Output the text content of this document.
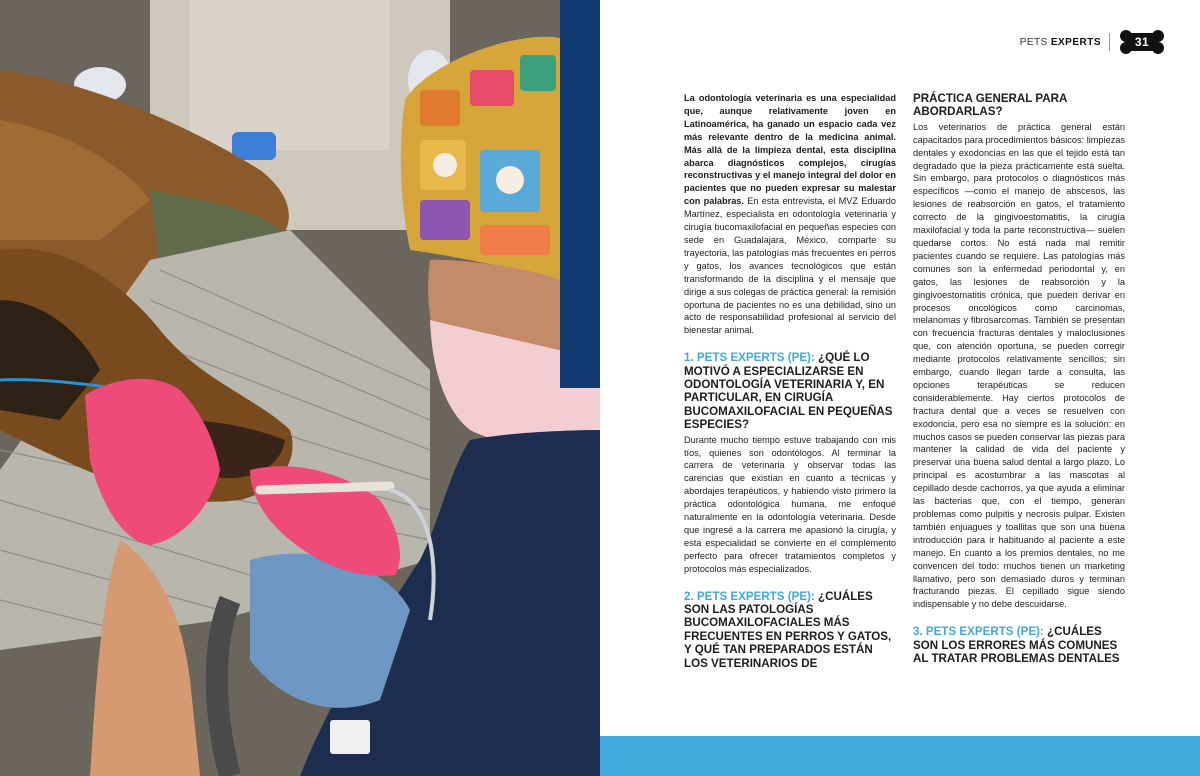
PETS EXPERTS	31

La odontología veterinaria es una especialidad que, aunque relativamente joven en Latinoamérica, ha ganado un espacio cada vez más relevante dentro de la medicina animal. Más allá de la limpieza dental, esta disciplina abarca diagnósticos complejos, cirugías reconstructivas y el manejo integral del dolor en pacientes que no pueden expresar su malestar con palabras. En esta entrevista, el MVZ Eduardo Martínez, especialista en odontología veterinaria y cirugía bucomaxilofacial en pequeñas especies con sede en Guadalajara, México, comparte su trayectoria, las patologías más frecuentes en perros y gatos, los avances tecnológicos que están transformando de la disciplina y el mensaje que dirige a sus colegas de práctica general: la remisión oportuna de pacientes no es una debilidad, sino un acto de responsabilidad profesional al servicio del bienestar animal.

1. PETS EXPERTS (PE): ¿QUÉ LO MOTIVÓ A ESPECIALIZARSE EN ODONTOLOGÍA VETERINARIA Y, EN PARTICULAR, EN CIRUGÍA BUCOMAXILOFACIAL EN PEQUEÑAS ESPECIES?

Durante mucho tiempo estuve trabajando con mis tíos, quienes son odontólogos. Al terminar la carrera de veterinaria y observar todas las carencias que existían en cuanto a técnicas y abordajes terapéuticos, y habiendo visto primero la práctica odontológica humana, me enfoqué naturalmente en la odontología veterinaria. Desde que ingresé a la carrera me apasionó la cirugía, y esta especialidad se convierte en el complemento perfecto para ofrecer tratamientos completos y protocolos más especializados.

2. PETS EXPERTS (PE): ¿CUÁLES SON LAS PATOLOGÍAS BUCOMAXILOFACIALES MÁS FRECUENTES EN PERROS Y GATOS, Y QUÉ TAN PREPARADOS ESTÁN LOS VETERINARIOS DE
PRÁCTICA GENERAL PARA ABORDARLAS?

Los veterinarios de práctica general están capacitados para procedimientos básicos: limpiezas dentales y exodoncias en las que el tejido está tan degradado que la pieza prácticamente está suelta. Sin embargo, para protocolos o diagnósticos más específicos —como el manejo de abscesos, las lesiones de reabsorción en gatos, el tratamiento correcto de la gingivoestomatitis, la cirugía maxilofacial y toda la parte reconstructiva— suelen quedarse cortos. No está nada mal remitir pacientes cuando se requiere. Las patologías más comunes son la enfermedad periodontal y, en gatos, las lesiones de reabsorción y la gingivoestomatitis crónica, que pueden derivar en procesos oncológicos como carcinomas, melanomas y fibrosarcomas. También se presentan con frecuencia fracturas dentales y maloclusiones que, con atención oportuna, se pueden corregir mediante protocolos relativamente sencillos; sin embargo, cuando llegan tarde a consulta, las opciones terapéuticas se reducen considerablemente. Hay ciertos protocolos de fractura dental que a veces se resuelven con exodoncia, pero esa no siempre es la solución: en muchos casos se pueden conservar las piezas para mantener la calidad de vida del paciente y preservar una buena salud dental a largo plazo. Lo principal es acostumbrar a las mascotas al cepillado desde cachorros, ya que ayuda a eliminar las bacterias que, con el tiempo, generan problemas como pulpitis y necrosis pulpar. Existen también enjuagues y toallitas que son una buena introducción para ir habituando al paciente a este manejo. En cuanto a los premios dentales, no me convencen del todo: muchos tienen un marketing llamativo, pero son demasiado duros y terminan fracturando piezas. El cepillado sigue siendo indispensable y no debe descuidarse.

3. PETS EXPERTS (PE): ¿CUÁLES SON LOS ERRORES MÁS COMUNES AL TRATAR PROBLEMAS DENTALES
